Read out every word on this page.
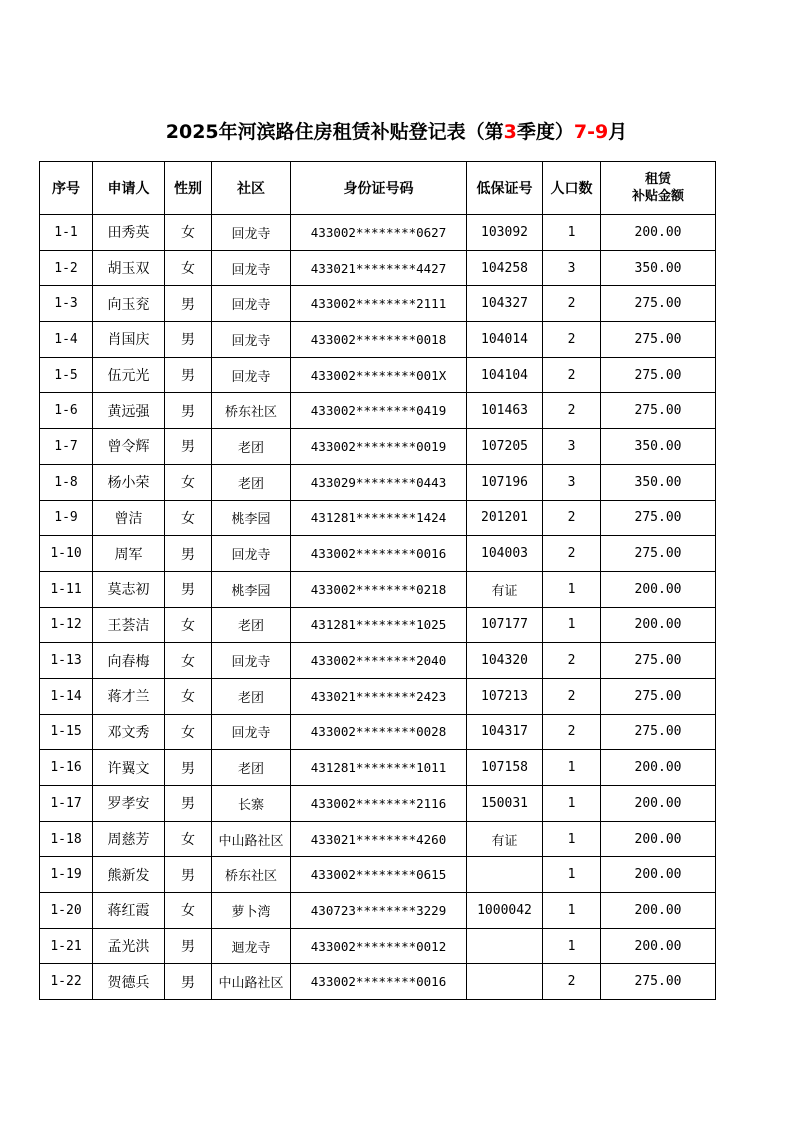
2025年河滨路住房租赁补贴登记表（第3季度）7-9月
序号	申请人	性别	社区	身份证号码	低保证号	人口数	租赁
补贴金额

1-1	田秀英	女	回龙寺	433002********0627	103092	1	200.00
1-2	胡玉双	女	回龙寺	433021********4427	104258	3	350.00
1-3	向玉兖	男	回龙寺	433002********2111	104327	2	275.00
1-4	肖国庆	男	回龙寺	433002********0018	104014	2	275.00
1-5	伍元光	男	回龙寺	433002********001X	104104	2	275.00
1-6	黄远强	男	桥东社区	433002********0419	101463	2	275.00
1-7	曾令辉	男	老团	433002********0019	107205	3	350.00
1-8	杨小荣	女	老团	433029********0443	107196	3	350.00
1-9	曾洁	女	桃李园	431281********1424	201201	2	275.00
1-10	周军	男	回龙寺	433002********0016	104003	2	275.00
1-11	莫志初	男	桃李园	433002********0218	有证	1	200.00
1-12	王荟洁	女	老团	431281********1025	107177	1	200.00
1-13	向春梅	女	回龙寺	433002********2040	104320	2	275.00
1-14	蒋才兰	女	老团	433021********2423	107213	2	275.00
1-15	邓文秀	女	回龙寺	433002********0028	104317	2	275.00
1-16	许翼文	男	老团	431281********1011	107158	1	200.00
1-17	罗孝安	男	长寨	433002********2116	150031	1	200.00
1-18	周慈芳	女	中山路社区	433021********4260	有证	1	200.00
1-19	熊新发	男	桥东社区	433002********0615		1	200.00
1-20	蒋红霞	女	萝卜湾	430723********3229	1000042	1	200.00
1-21	孟光洪	男	迴龙寺	433002********0012		1	200.00
1-22	贺德兵	男	中山路社区	433002********0016		2	275.00
